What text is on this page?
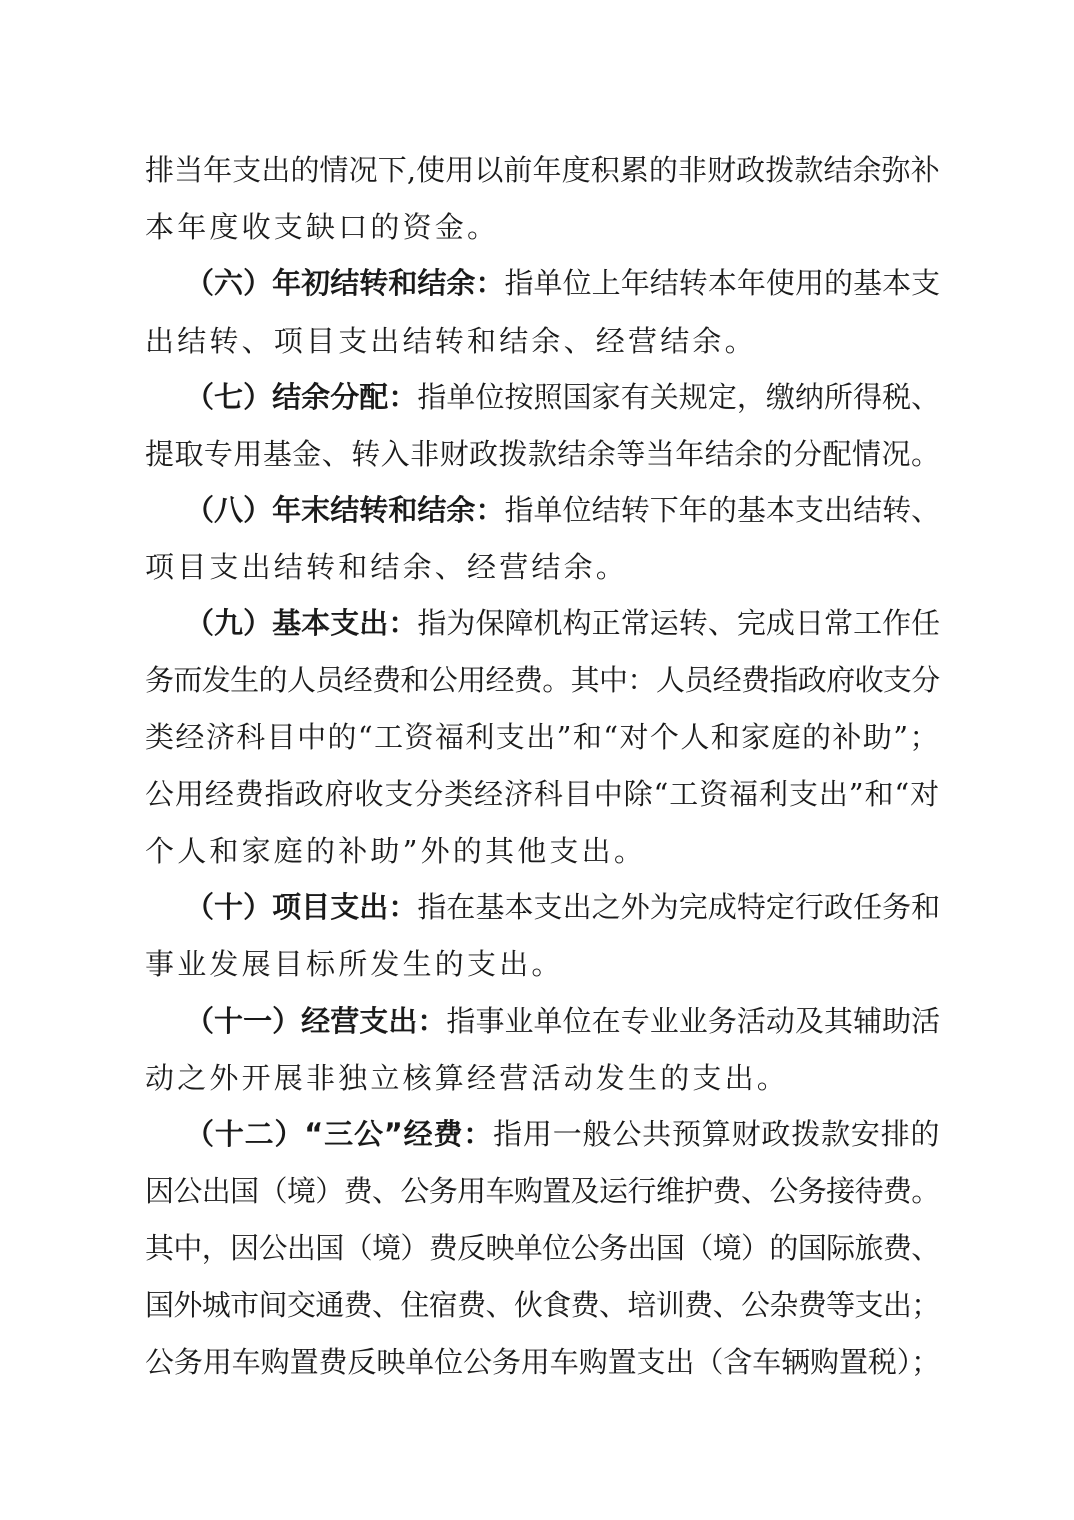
排当年支出的情况下,使用以前年度积累的非财政拨款结余弥补
本年度收支缺口的资金。
（六）年初结转和结余：指单位上年结转本年使用的基本支
出结转、项目支出结转和结余、经营结余。
（七）结余分配：指单位按照国家有关规定，缴纳所得税、
提取专用基金、转入非财政拨款结余等当年结余的分配情况。
（八）年末结转和结余：指单位结转下年的基本支出结转、
项目支出结转和结余、经营结余。
（九）基本支出：指为保障机构正常运转、完成日常工作任
务而发生的人员经费和公用经费。其中：人员经费指政府收支分
类经济科目中的“工资福利支出”和“对个人和家庭的补助”；
公用经费指政府收支分类经济科目中除“工资福利支出”和“对
个人和家庭的补助”外的其他支出。
（十）项目支出：指在基本支出之外为完成特定行政任务和
事业发展目标所发生的支出。
（十一）经营支出：指事业单位在专业业务活动及其辅助活
动之外开展非独立核算经营活动发生的支出。
（十二）“三公”经费：指用一般公共预算财政拨款安排的
因公出国（境）费、公务用车购置及运行维护费、公务接待费。
其中，因公出国（境）费反映单位公务出国（境）的国际旅费、
国外城市间交通费、住宿费、伙食费、培训费、公杂费等支出；
公务用车购置费反映单位公务用车购置支出（含车辆购置税）；
